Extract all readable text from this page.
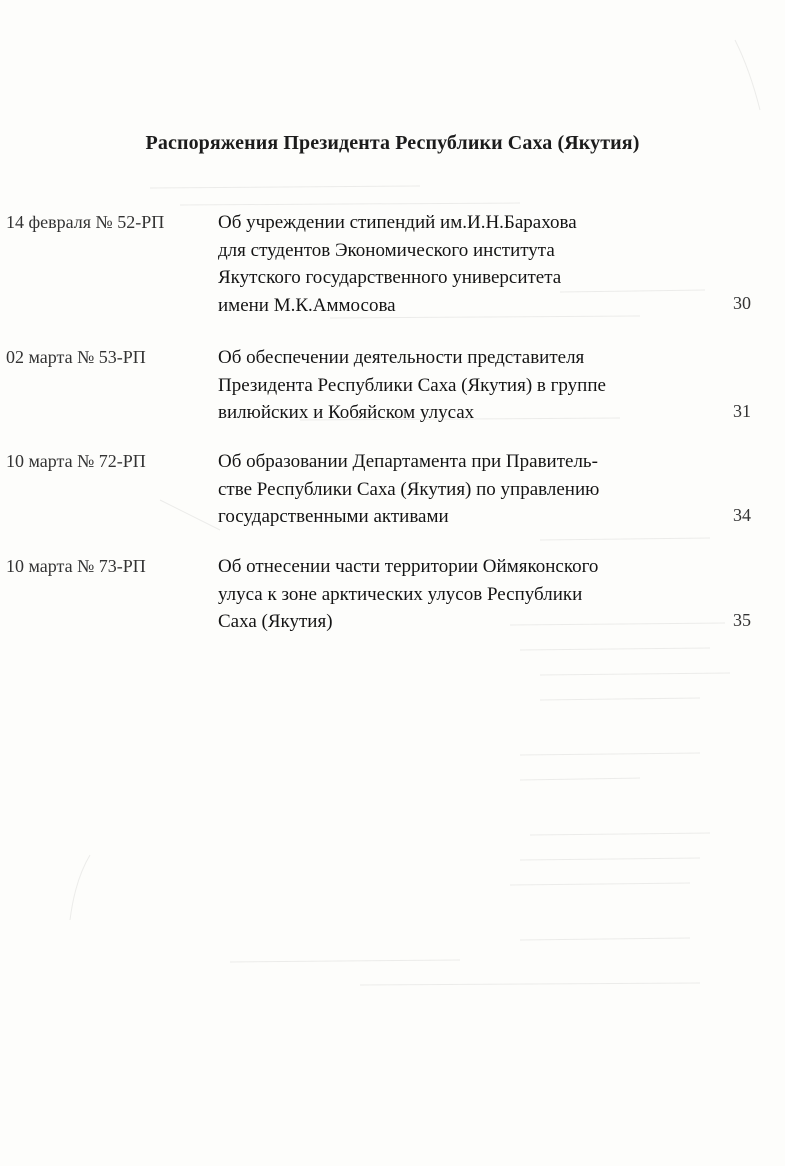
Распоряжения Президента Республики Саха (Якутия)
14 февраля № 52-РП	Об учреждении стипендий им.И.Н.Барахова
для студентов Экономического института
Якутского государственного университета
имени М.К.Аммосова	30
02 марта № 53-РП	Об обеспечении деятельности представителя
Президента Республики Саха (Якутия) в группе
вилюйских и Кобяйском улусах	31
10 марта № 72-РП	Об образовании Департамента при Правитель-
стве Республики Саха (Якутия) по управлению
государственными активами	34
10 марта № 73-РП	Об отнесении части территории Оймяконского
улуса к зоне арктических улусов Республики
Саха (Якутия)	35
